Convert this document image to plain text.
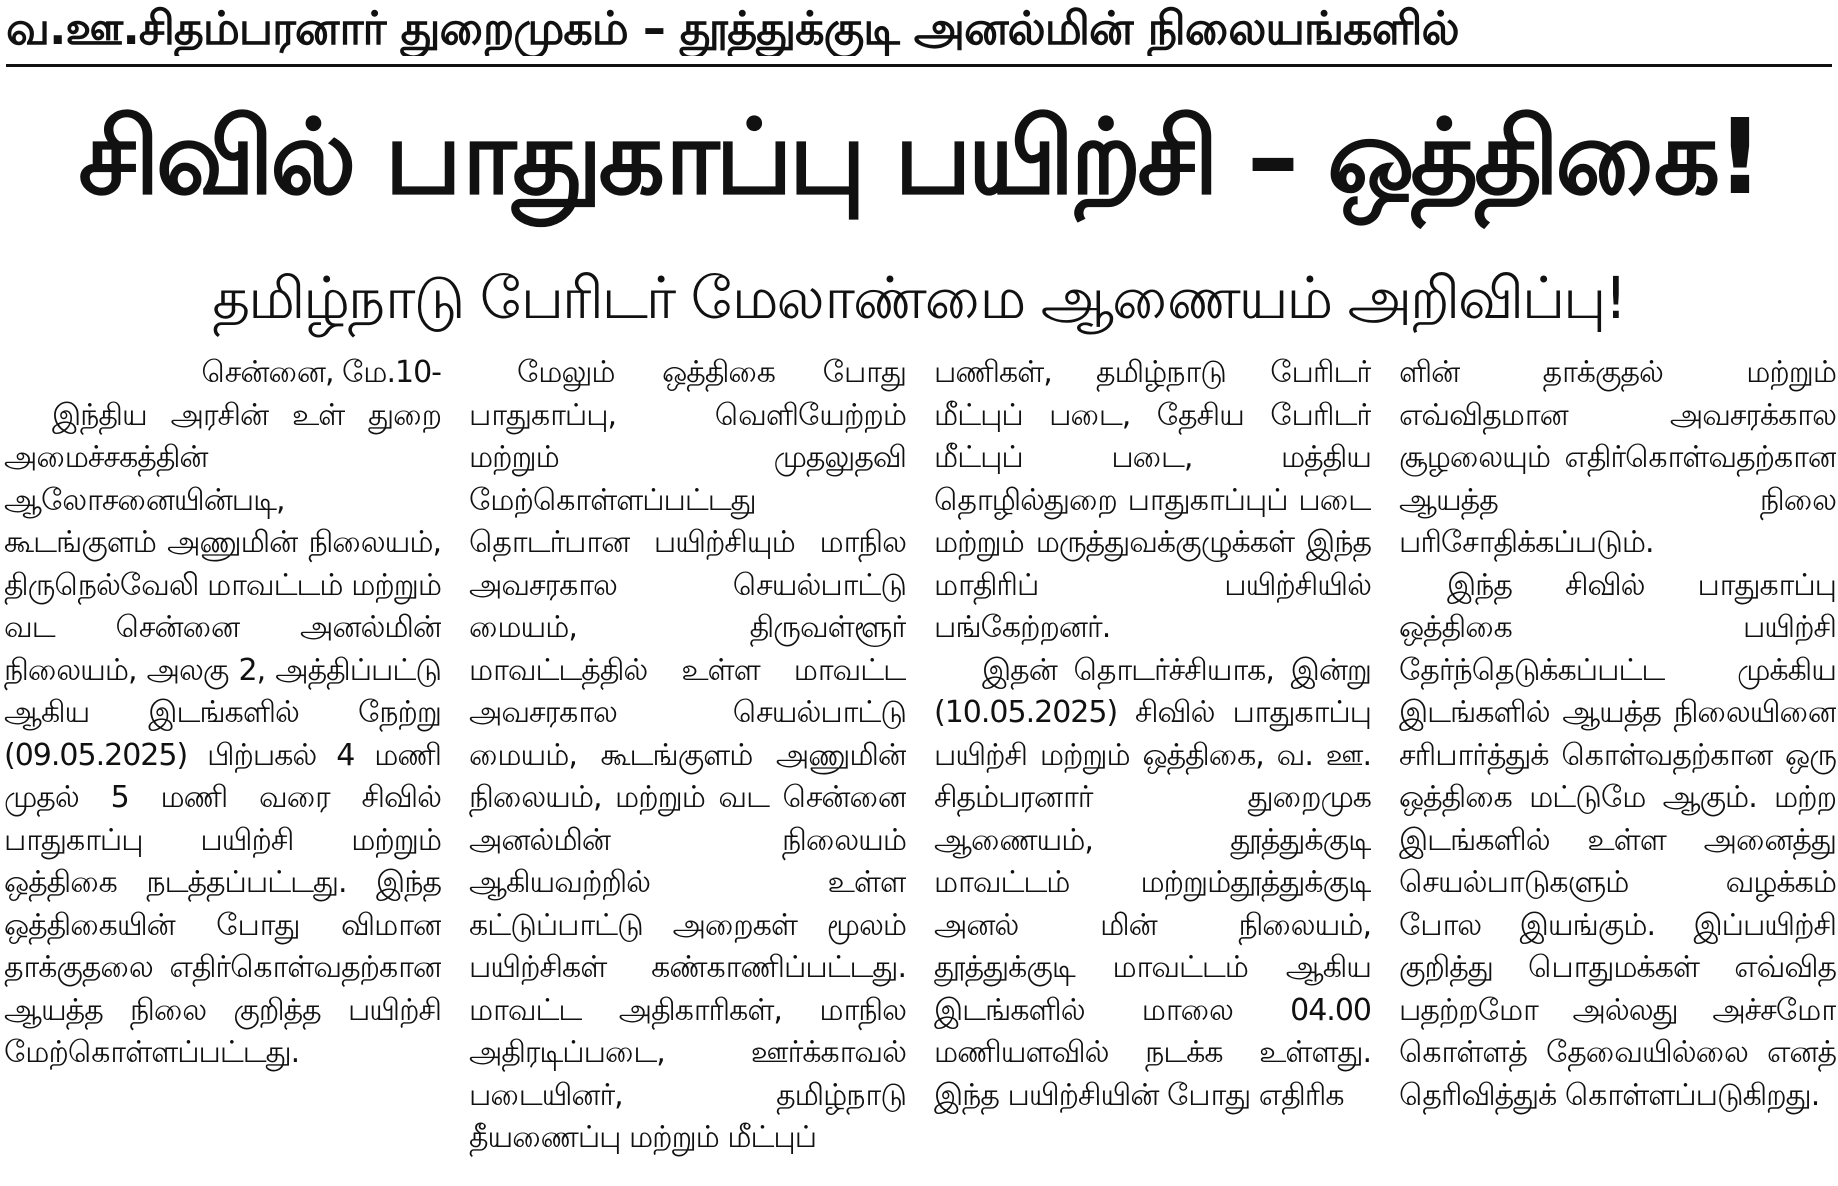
வ.ஊ.சிதம்பரனார் துறைமுகம் – தூத்துக்குடி அனல்மின் நிலையங்களில்
சிவில் பாதுகாப்பு பயிற்சி – ஒத்திகை!
தமிழ்நாடு பேரிடர் மேலாண்மை ஆணையம் அறிவிப்பு!

சென்னை, மே.10-

இந்திய அரசின் உள் துறை அமைச்சகத்தின் ஆலோசனையின்படி, கூடங்குளம் அணுமின் நிலையம், திருநெல்வேலி மாவட்டம் மற்றும் வட சென்னை அனல்மின் நிலையம், அலகு 2, அத்திப்பட்டு ஆகிய இடங்களில் நேற்று (09.05.2025) பிற்பகல் 4 மணி முதல் 5 மணி வரை சிவில் பாதுகாப்பு பயிற்சி மற்றும் ஒத்திகை நடத்தப்பட்டது. இந்த ஒத்திகையின் போது விமான தாக்குதலை எதிர்கொள்வதற்கான ஆயத்த நிலை குறித்த பயிற்சி மேற்கொள்ளப்பட்டது.

மேலும் ஒத்திகை போது பாதுகாப்பு, வெளியேற்றம் மற்றும் முதலுதவி மேற்கொள்ளப்பட்டது தொடர்பான பயிற்சியும் மாநில அவசரகால செயல்பாட்டு மையம், திருவள்ளூர் மாவட்டத்தில் உள்ள மாவட்ட அவசரகால செயல்பாட்டு மையம், கூடங்குளம் அணுமின் நிலையம், மற்றும் வட சென்னை அனல்மின் நிலையம் ஆகியவற்றில் உள்ள கட்டுப்பாட்டு அறைகள் மூலம் பயிற்சிகள் கண்காணிப்பட்டது. மாவட்ட அதிகாரிகள், மாநில அதிரடிப்படை, ஊர்க்காவல் படையினர், தமிழ்நாடு தீயணைப்பு மற்றும் மீட்புப்

பணிகள், தமிழ்நாடு பேரிடர் மீட்புப் படை, தேசிய பேரிடர் மீட்புப் படை, மத்திய தொழில்துறை பாதுகாப்புப் படை மற்றும் மருத்துவக்குழுக்கள் இந்த மாதிரிப் பயிற்சியில் பங்கேற்றனர்.

இதன் தொடர்ச்சியாக, இன்று (10.05.2025) சிவில் பாதுகாப்பு பயிற்சி மற்றும் ஒத்திகை, வ. ஊ. சிதம்பரனார் துறைமுக ஆணையம், தூத்துக்குடி மாவட்டம் மற்றும்தூத்துக்குடி அனல் மின் நிலையம், தூத்துக்குடி மாவட்டம் ஆகிய இடங்களில் மாலை 04.00 மணியளவில் நடக்க உள்ளது. இந்த பயிற்சியின் போது எதிரிக

ளின் தாக்குதல் மற்றும் எவ்விதமான அவசரக்கால சூழலையும் எதிர்கொள்வதற்கான ஆயத்த நிலை பரிசோதிக்கப்படும்.

இந்த சிவில் பாதுகாப்பு ஒத்திகை பயிற்சி தேர்ந்தெடுக்கப்பட்ட முக்கிய இடங்களில் ஆயத்த நிலையினை சரிபார்த்துக் கொள்வதற்கான ஒரு ஒத்திகை மட்டுமே ஆகும். மற்ற இடங்களில் உள்ள அனைத்து செயல்பாடுகளும் வழக்கம் போல இயங்கும். இப்பயிற்சி குறித்து பொதுமக்கள் எவ்வித பதற்றமோ அல்லது அச்சமோ கொள்ளத் தேவையில்லை எனத் தெரிவித்துக் கொள்ளப்படுகிறது.
